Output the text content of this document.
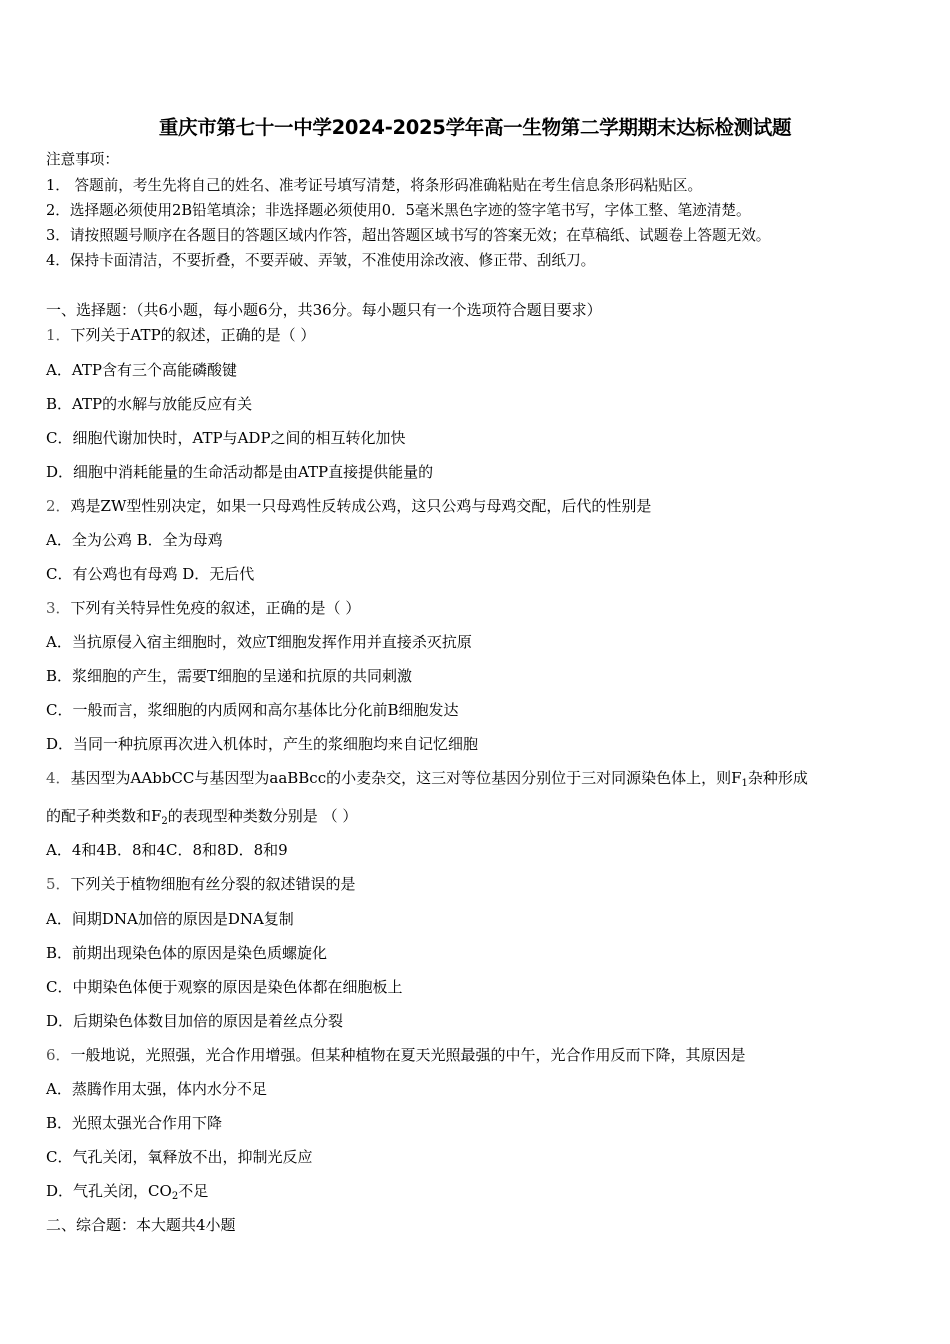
重庆市第七十一中学2024-2025学年高一生物第二学期期末达标检测试题
注意事项：
1． 答题前，考生先将自己的姓名、准考证号填写清楚，将条形码准确粘贴在考生信息条形码粘贴区。
2．选择题必须使用2B铅笔填涂；非选择题必须使用0．5毫米黑色字迹的签字笔书写，字体工整、笔迹清楚。
3．请按照题号顺序在各题目的答题区域内作答，超出答题区域书写的答案无效；在草稿纸、试题卷上答题无效。
4．保持卡面清洁，不要折叠，不要弄破、弄皱，不准使用涂改液、修正带、刮纸刀。
一、选择题：（共6小题，每小题6分，共36分。每小题只有一个选项符合题目要求）
1．下列关于ATP的叙述，正确的是（ ）
A．ATP含有三个高能磷酸键
B．ATP的水解与放能反应有关
C．细胞代谢加快时，ATP与ADP之间的相互转化加快
D．细胞中消耗能量的生命活动都是由ATP直接提供能量的
2．鸡是ZW型性别决定，如果一只母鸡性反转成公鸡，这只公鸡与母鸡交配，后代的性别是
A．全为公鸡 B．全为母鸡
C．有公鸡也有母鸡 D．无后代
3．下列有关特异性免疫的叙述，正确的是（ ）
A．当抗原侵入宿主细胞时，效应T细胞发挥作用并直接杀灭抗原
B．浆细胞的产生，需要T细胞的呈递和抗原的共同刺激
C．一般而言，浆细胞的内质网和高尔基体比分化前B细胞发达
D．当同一种抗原再次进入机体时，产生的浆细胞均来自记忆细胞
4．基因型为AAbbCC与基因型为aaBBcc的小麦杂交，这三对等位基因分别位于三对同源染色体上，则$F_1$杂种形成
的配子种类数和$F_2$的表现型种类数分别是 （ ）
A．4和4B．8和4C．8和8D．8和9
5．下列关于植物细胞有丝分裂的叙述错误的是
A．间期DNA加倍的原因是DNA复制
B．前期出现染色体的原因是染色质螺旋化
C．中期染色体便于观察的原因是染色体都在细胞板上
D．后期染色体数目加倍的原因是着丝点分裂
6．一般地说，光照强，光合作用增强。但某种植物在夏天光照最强的中午，光合作用反而下降，其原因是
A．蒸腾作用太强，体内水分不足
B．光照太强光合作用下降
C．气孔关闭，氧释放不出，抑制光反应
D．气孔关闭，$CO_2$不足
二、综合题：本大题共4小题
